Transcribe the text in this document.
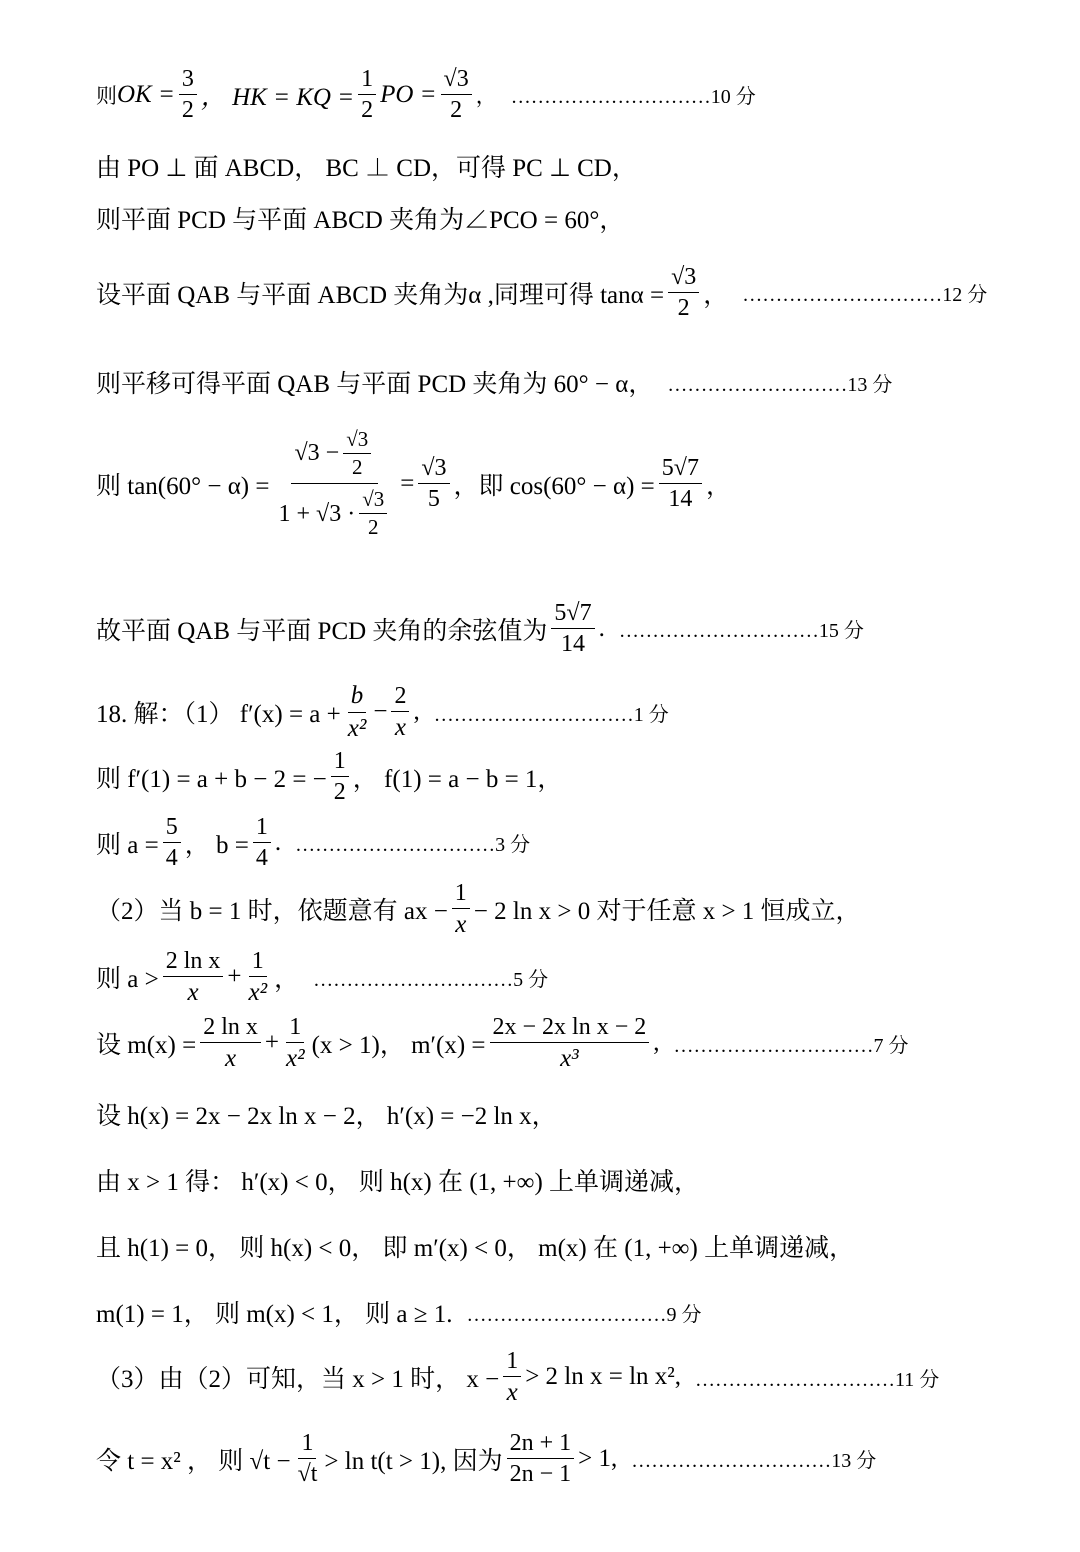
则 OK = $\frac{3}{2}$ ， HK = KQ = $\frac{1}{2}$ PO = $\frac{√3}{2}$ ， …………………………10 分
由 PO ⊥ 面 ABCD， BC ⊥ CD，可得 PC ⊥ CD，
则平面 PCD 与平面 ABCD 夹角为∠PCO = 60°，
设平面 QAB 与平面 ABCD 夹角为α ,同理可得 $\tan\alpha = \frac{√3}{2}$ ， …………………………12 分
则平移可得平面 QAB 与平面 PCD 夹角为 60° − α， ………………………13 分
则 $\tan(60^\circ - \alpha) = \frac{√3 - \frac{√3}{2}}{1 + √3 \cdot \frac{√3}{2}} = \frac{√3}{5}$ ，即 $\cos(60^\circ - \alpha) = \frac{5√7}{14}$ ，
故平面 QAB 与平面 PCD 夹角的余弦值为 $\frac{5√7}{14}$ . …………………………15 分
18. 解：（1） $f'(x) = a + \frac{b}{\text{x²}} - \frac{2}{x}$ , …………………………1 分
则 f′(1) = a + b − 2 = − $\frac{1}{2}$ ， f(1) = a − b = 1，
则 $a = \frac{5}{4}$ ， $b = \frac{1}{4}$ . …………………………3 分
（2）当 b = 1 时，依题意有 ax − $\frac{1}{x} - 2$ ln x > 0 对于任意 x > 1 恒成立，
则 $a > \frac{\text{2 ln x}}{x} + \frac{1}{\text{x²}}$ ， …………………………5 分
设 $m(x) = \frac{\text{2 ln x}}{x} + \frac{1}{\text{x²}} (x > 1)$， $m'(x) = \frac{\text{2x − 2x ln x − 2}}{\text{x³}}$ , …………………………7 分
设 h(x) = 2x − 2x ln x − 2， h′(x) = −2 ln x，
由 x > 1 得： h′(x) < 0， 则 h(x) 在 (1, +∞) 上单调递减，
且 h(1) = 0， 则 h(x) < 0， 即 m′(x) < 0， m(x) 在 (1, +∞) 上单调递减，
m(1) = 1， 则 m(x) < 1， 则 a ≥ 1. …………………………9 分
（3）由（2）可知，当 x > 1 时， $x - \frac{1}{x} > 2$ ln x = ln x², …………………………11 分
令 t = x² ， 则 $√t - \frac{1}{√t} > \ln t(t > 1)$, 因为 $\frac{2n + 1}{2n - 1} > 1$, …………………………13 分
